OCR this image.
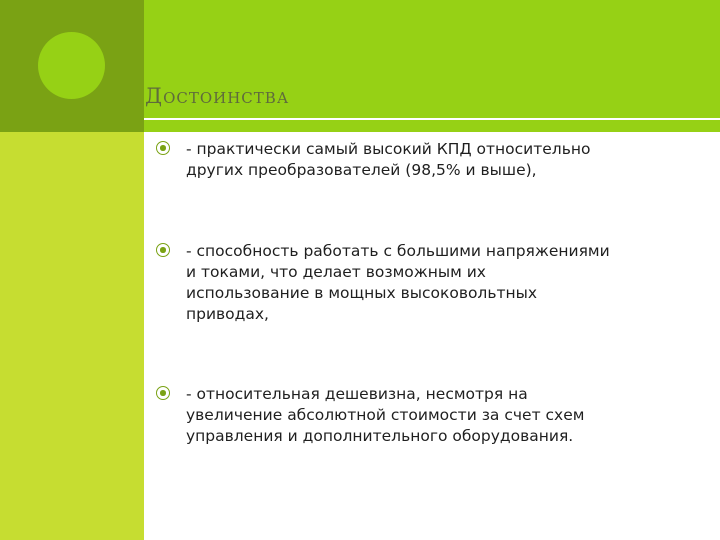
Достоинства
- практически самый высокий КПД относительно
других преобразователей (98,5% и выше),
- способность работать с большими напряжениями
и токами, что делает возможным их
использование в мощных высоковольтных
приводах,
- относительная дешевизна, несмотря на
увеличение абсолютной стоимости за счет схем
управления и дополнительного оборудования.
